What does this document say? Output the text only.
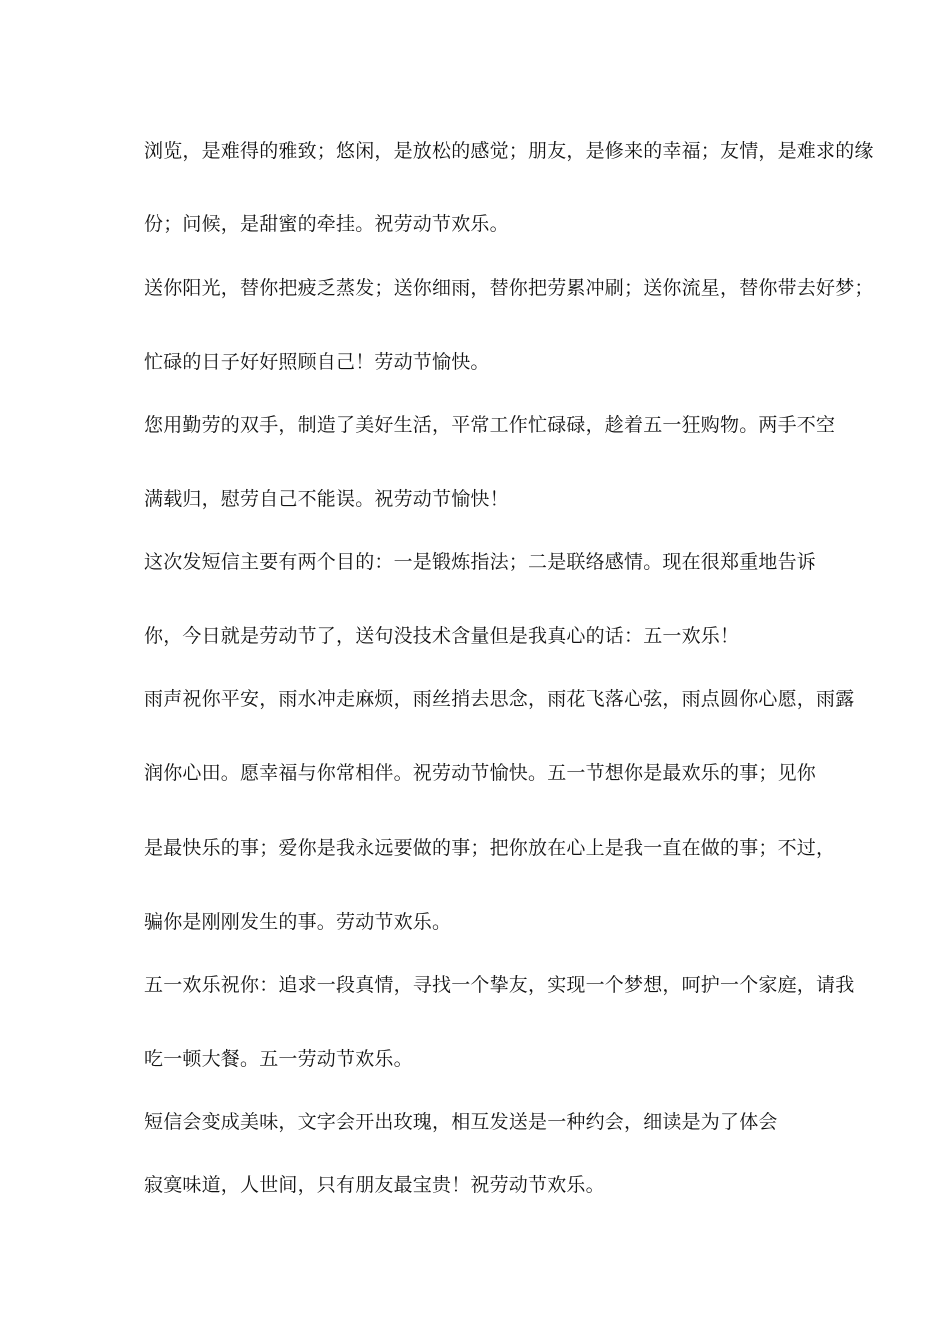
浏览，是难得的雅致；悠闲，是放松的感觉；朋友，是修来的幸福；友情，是难求的缘
份；问候，是甜蜜的牵挂。祝劳动节欢乐。
送你阳光，替你把疲乏蒸发；送你细雨，替你把劳累冲刷；送你流星，替你带去好梦；
忙碌的日子好好照顾自己！劳动节愉快。
您用勤劳的双手，制造了美好生活，平常工作忙碌碌，趁着五一狂购物。两手不空
满载归，慰劳自己不能误。祝劳动节愉快！
这次发短信主要有两个目的：一是锻炼指法；二是联络感情。现在很郑重地告诉
你，今日就是劳动节了，送句没技术含量但是我真心的话：五一欢乐！
雨声祝你平安，雨水冲走麻烦，雨丝捎去思念，雨花飞落心弦，雨点圆你心愿，雨露
润你心田。愿幸福与你常相伴。祝劳动节愉快。五一节想你是最欢乐的事；见你
是最快乐的事；爱你是我永远要做的事；把你放在心上是我一直在做的事；不过，
骗你是刚刚发生的事。劳动节欢乐。
五一欢乐祝你：追求一段真情，寻找一个挚友，实现一个梦想，呵护一个家庭，请我
吃一顿大餐。五一劳动节欢乐。
短信会变成美味，文字会开出玫瑰，相互发送是一种约会，细读是为了体会
寂寞味道，人世间，只有朋友最宝贵！祝劳动节欢乐。
